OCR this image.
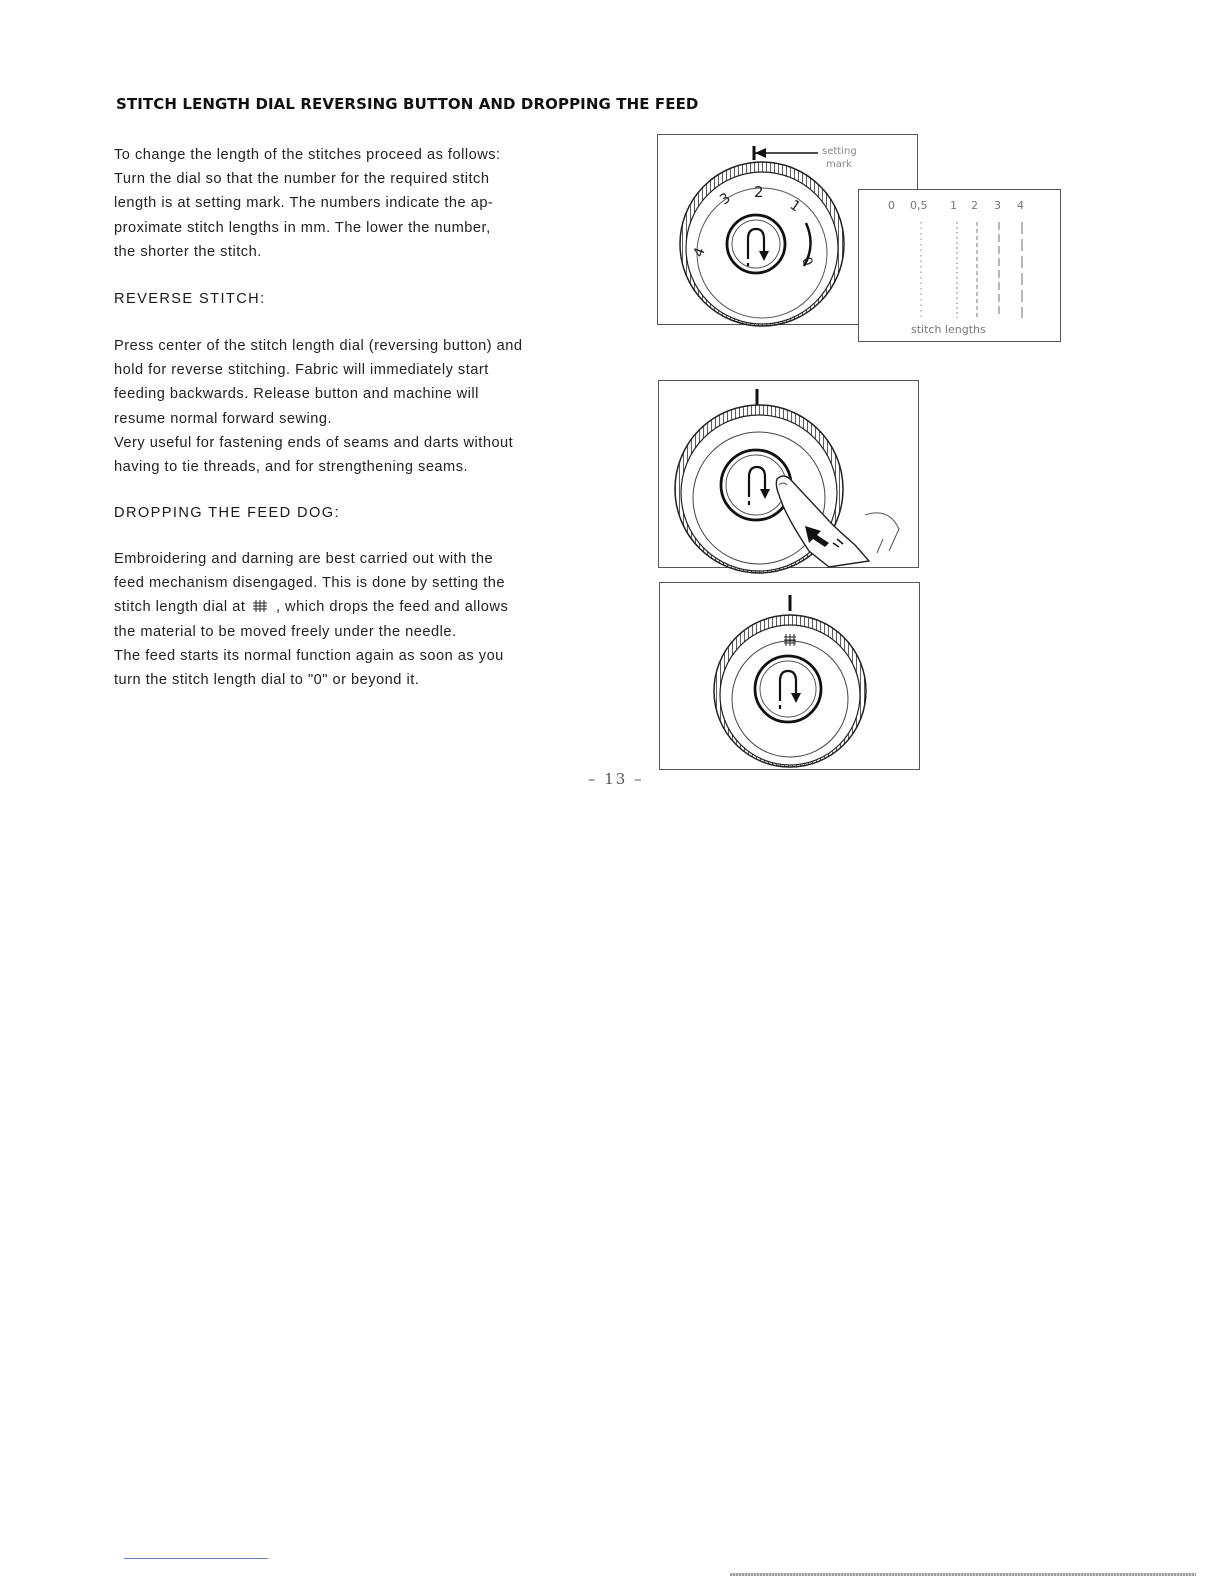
STITCH LENGTH DIAL REVERSING BUTTON AND DROPPING THE FEED

To change the length of the stitches proceed as follows:
Turn the dial so that the number for the required stitch
length is at setting mark. The numbers indicate the ap-
proximate stitch lengths in mm. The lower the number,
the shorter the stitch.

REVERSE STITCH:

Press center of the stitch length dial (reversing button) and
hold for reverse stitching. Fabric will immediately start
feeding backwards. Release button and machine will
resume normal forward sewing.
Very useful for fastening ends of seams and darts without
having to tie threads, and for strengthening seams.

DROPPING THE FEED DOG:

Embroidering and darning are best carried out with the
feed mechanism disengaged. This is done by setting the
stitch length dial at , which drops the feed and allows
the material to be moved freely under the needle.
The feed starts its normal function again as soon as you
turn the stitch length dial to "0" or beyond it.

setting
mark
4
3 2
1
0
0 0,5 1 2 3 4
stitch lengths
– 13 –
